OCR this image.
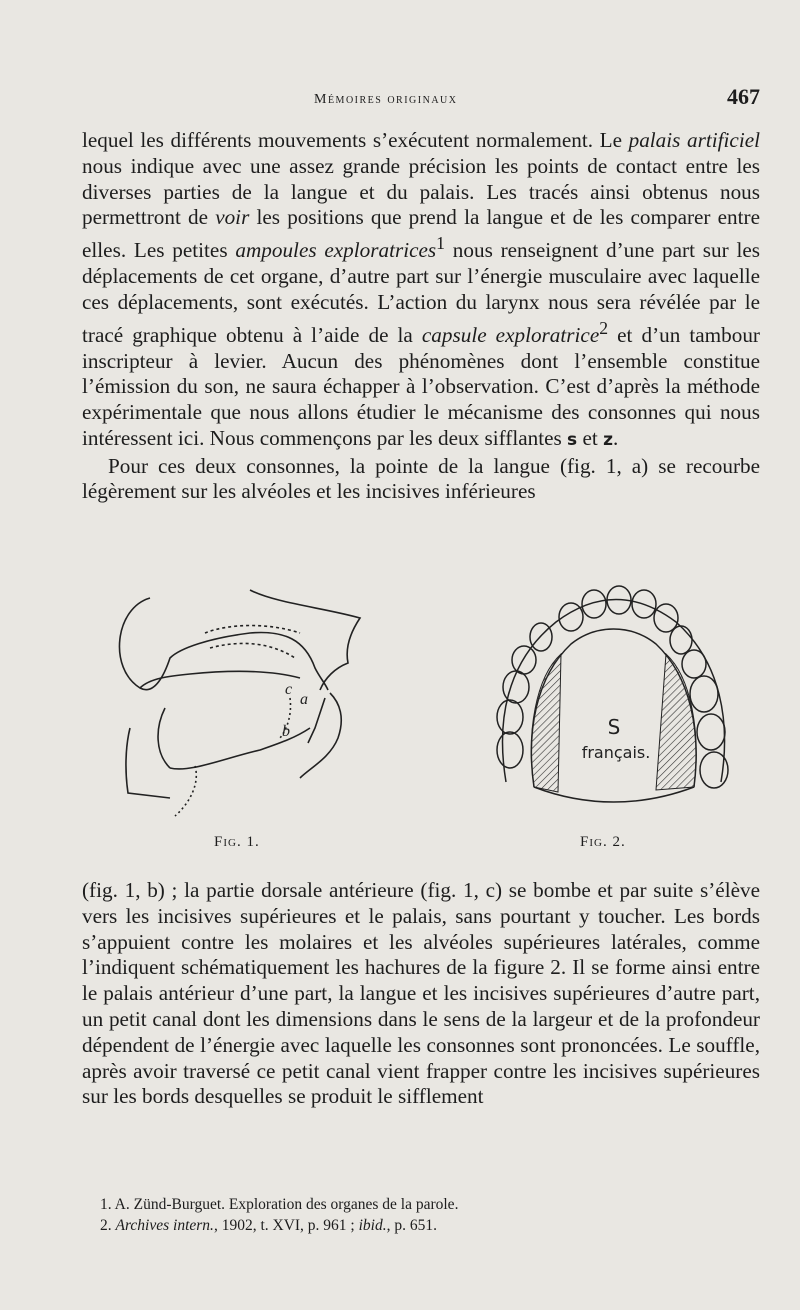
Mémoires originaux	467

lequel les différents mouvements s’exécutent normalement. Le palais artificiel nous indique avec une assez grande précision les points de contact entre les diverses parties de la langue et du palais. Les tracés ainsi obtenus nous permettront de voir les positions que prend la langue et de les comparer entre elles. Les petites ampoules exploratrices$^1$ nous renseignent d’une part sur les déplacements de cet organe, d’autre part sur l’énergie musculaire avec laquelle ces déplacements, sont exécutés. L’action du larynx nous sera révélée par le tracé graphique obtenu à l’aide de la capsule exploratrice$^2$ et d’un tambour inscripteur à levier. Aucun des phénomènes dont l’ensemble constitue l’émission du son, ne saura échapper à l’observation. C’est d’après la méthode expérimentale que nous allons étudier le mécanisme des consonnes qui nous intéressent ici. Nous commençons par les deux sifflantes s et z.

Pour ces deux consonnes, la pointe de la langue (fig. 1, a) se recourbe légèrement sur les alvéoles et les incisives inférieures

c
a
b
Fig. 1.
S
français.
Fig. 2.

(fig. 1, b) ; la partie dorsale antérieure (fig. 1, c) se bombe et par suite s’élève vers les incisives supérieures et le palais, sans pourtant y toucher. Les bords s’appuient contre les molaires et les alvéoles supérieures latérales, comme l’indiquent schématiquement les hachures de la figure 2. Il se forme ainsi entre le palais antérieur d’une part, la langue et les incisives supérieures d’autre part, un petit canal dont les dimensions dans le sens de la largeur et de la profondeur dépendent de l’énergie avec laquelle les consonnes sont prononcées. Le souffle, après avoir traversé ce petit canal vient frapper contre les incisives supérieures sur les bords desquelles se produit le sifflement

1. A. Zünd-Burguet. Exploration des organes de la parole.
2. Archives intern., 1902, t. XVI, p. 961 ; ibid., p. 651.
